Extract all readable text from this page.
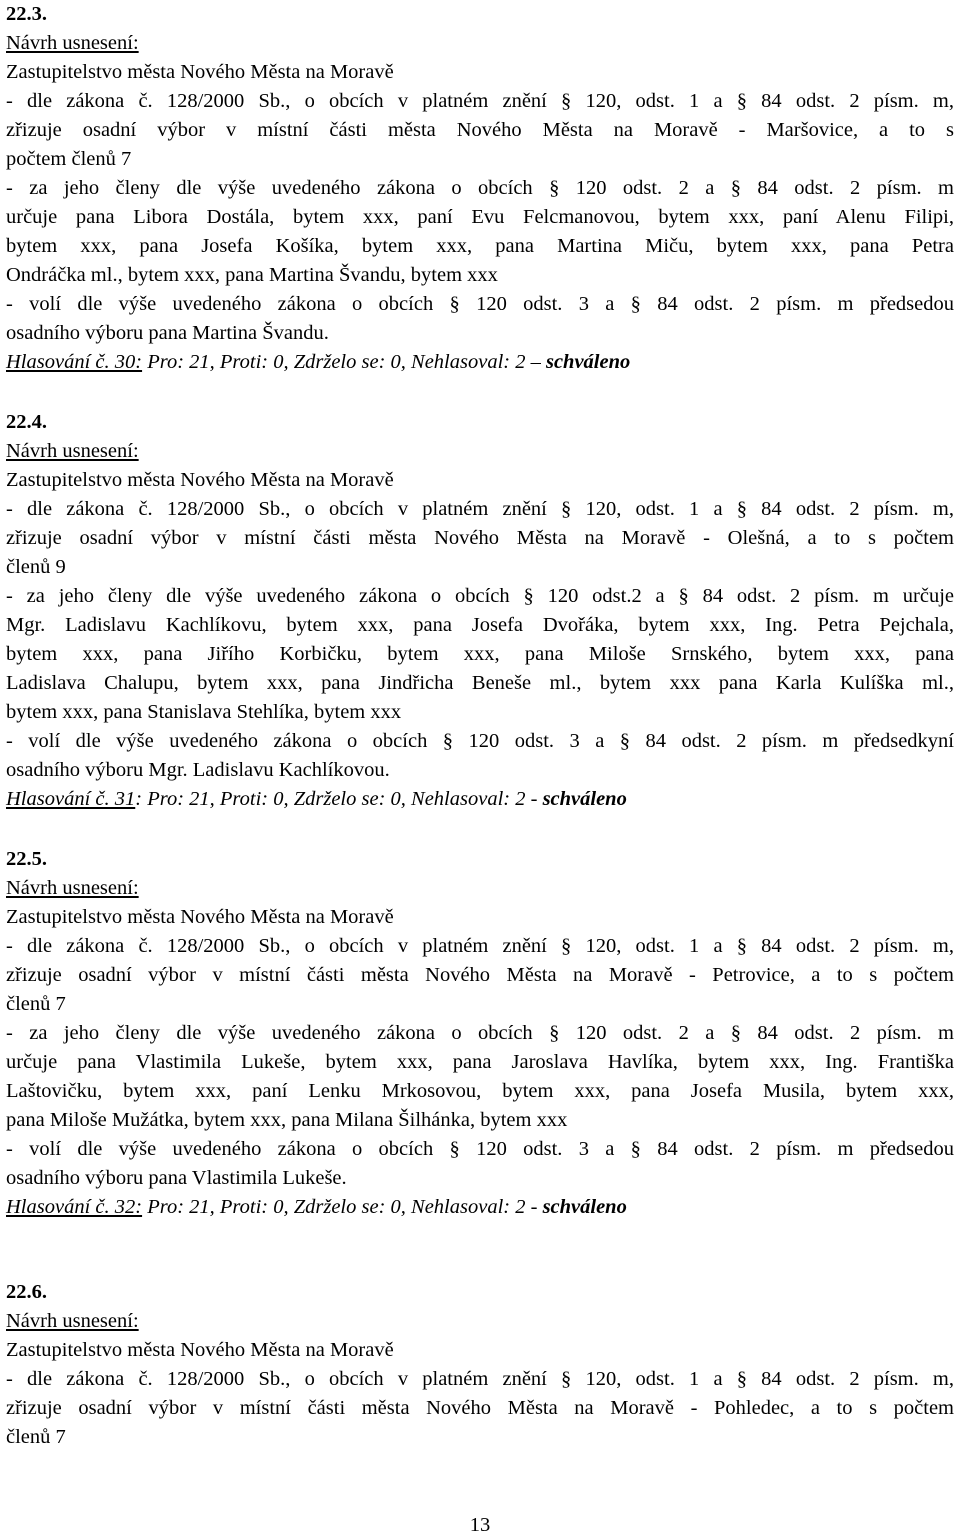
22.3.
Návrh usnesení:
Zastupitelstvo města Nového Města na Moravě
- dle zákona č. 128/2000 Sb., o obcích v platném znění § 120, odst. 1 a § 84 odst. 2 písm. m,
zřizuje osadní výbor v místní části města Nového Města na Moravě - Maršovice, a to s
počtem členů 7
- za jeho členy dle výše uvedeného zákona o obcích § 120 odst. 2 a § 84 odst. 2 písm. m
určuje pana Libora Dostála, bytem xxx, paní Evu Felcmanovou, bytem xxx, paní Alenu Filipi,
bytem xxx, pana Josefa Košíka, bytem xxx, pana Martina Miču, bytem xxx, pana Petra
Ondráčka ml., bytem xxx, pana Martina Švandu, bytem xxx
- volí dle výše uvedeného zákona o obcích § 120 odst. 3 a § 84 odst. 2 písm. m předsedou
osadního výboru pana Martina Švandu.
Hlasování č. 30: Pro: 21, Proti: 0, Zdrželo se: 0, Nehlasoval: 2 – schváleno
22.4.
Návrh usnesení:
Zastupitelstvo města Nového Města na Moravě
- dle zákona č. 128/2000 Sb., o obcích v platném znění § 120, odst. 1 a § 84 odst. 2 písm. m,
zřizuje osadní výbor v místní části města Nového Města na Moravě - Olešná, a to s počtem
členů 9
- za jeho členy dle výše uvedeného zákona o obcích § 120 odst.2 a § 84 odst. 2 písm. m určuje
Mgr. Ladislavu Kachlíkovu, bytem xxx, pana Josefa Dvořáka, bytem xxx, Ing. Petra Pejchala,
bytem xxx, pana Jiřího Korbičku, bytem xxx, pana Miloše Srnského, bytem xxx, pana
Ladislava Chalupu, bytem xxx, pana Jindřicha Beneše ml., bytem xxx pana Karla Kulíška ml.,
bytem xxx, pana Stanislava Stehlíka, bytem xxx
- volí dle výše uvedeného zákona o obcích § 120 odst. 3 a § 84 odst. 2 písm. m předsedkyní
osadního výboru Mgr. Ladislavu Kachlíkovou.
Hlasování č. 31: Pro: 21, Proti: 0, Zdrželo se: 0, Nehlasoval: 2 - schváleno
22.5.
Návrh usnesení:
Zastupitelstvo města Nového Města na Moravě
- dle zákona č. 128/2000 Sb., o obcích v platném znění § 120, odst. 1 a § 84 odst. 2 písm. m,
zřizuje osadní výbor v místní části města Nového Města na Moravě - Petrovice, a to s počtem
členů 7
- za jeho členy dle výše uvedeného zákona o obcích § 120 odst. 2 a § 84 odst. 2 písm. m
určuje pana Vlastimila Lukeše, bytem xxx, pana Jaroslava Havlíka, bytem xxx, Ing. Františka
Laštovičku, bytem xxx, paní Lenku Mrkosovou, bytem xxx, pana Josefa Musila, bytem xxx,
pana Miloše Mužátka, bytem xxx, pana Milana Šilhánka, bytem xxx
- volí dle výše uvedeného zákona o obcích § 120 odst. 3 a § 84 odst. 2 písm. m předsedou
osadního výboru pana Vlastimila Lukeše.
Hlasování č. 32: Pro: 21, Proti: 0, Zdrželo se: 0, Nehlasoval: 2 - schváleno
22.6.
Návrh usnesení:
Zastupitelstvo města Nového Města na Moravě
- dle zákona č. 128/2000 Sb., o obcích v platném znění § 120, odst. 1 a § 84 odst. 2 písm. m,
zřizuje osadní výbor v místní části města Nového Města na Moravě - Pohledec, a to s počtem
členů 7
13
